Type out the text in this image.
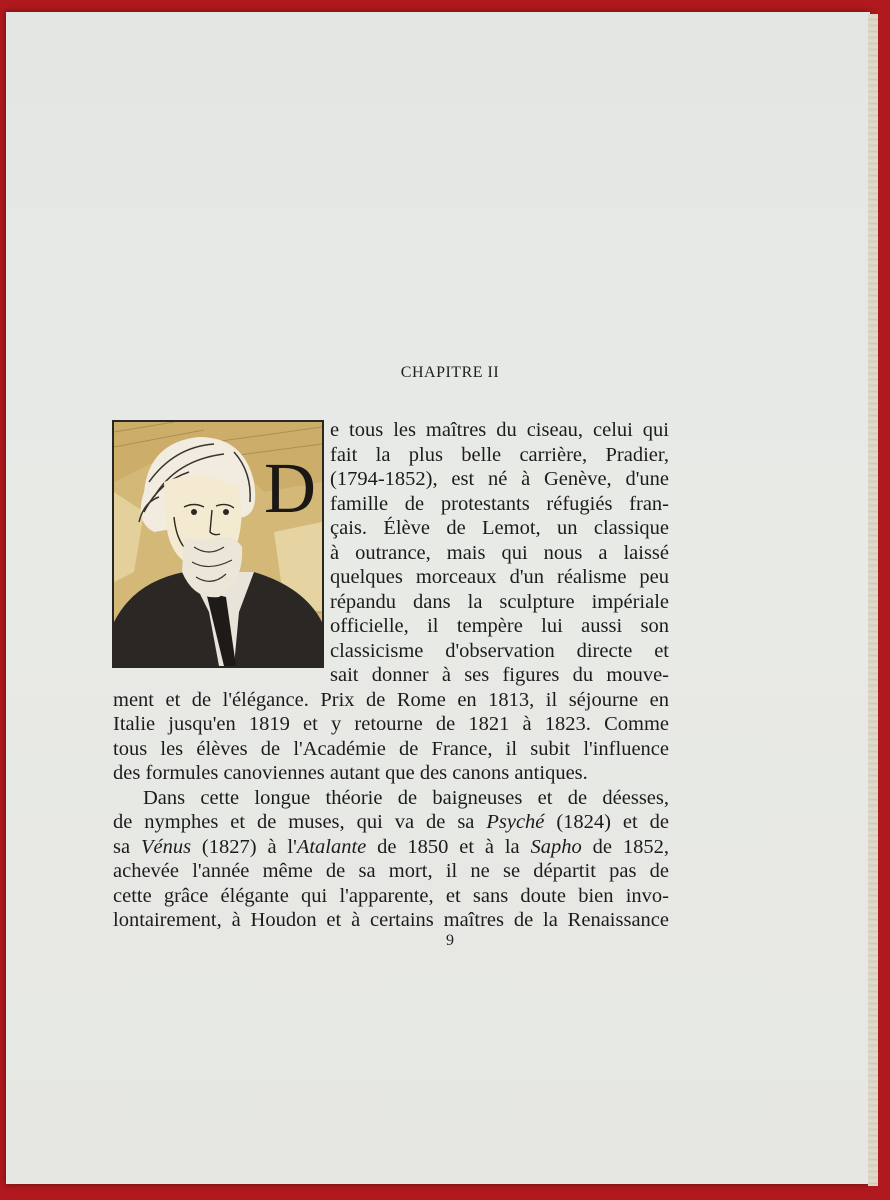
CHAPITRE II
D
e tous les maîtres du ciseau, celui qui
fait la plus belle carrière, Pradier,
(1794-1852), est né à Genève, d'une
famille de protestants réfugiés fran-
çais. Élève de Lemot, un classique
à outrance, mais qui nous a laissé
quelques morceaux d'un réalisme peu
répandu dans la sculpture impériale
officielle, il tempère lui aussi son
classicisme d'observation directe et
sait donner à ses figures du mouve-
ment et de l'élégance. Prix de Rome en 1813, il séjourne en
Italie jusqu'en 1819 et y retourne de 1821 à 1823. Comme
tous les élèves de l'Académie de France, il subit l'influence
des formules canoviennes autant que des canons antiques.
Dans cette longue théorie de baigneuses et de déesses,
de nymphes et de muses, qui va de sa Psyché (1824) et de
sa Vénus (1827) à l'Atalante de 1850 et à la Sapho de 1852,
achevée l'année même de sa mort, il ne se départit pas de
cette grâce élégante qui l'apparente, et sans doute bien invo-
lontairement, à Houdon et à certains maîtres de la Renaissance
9
